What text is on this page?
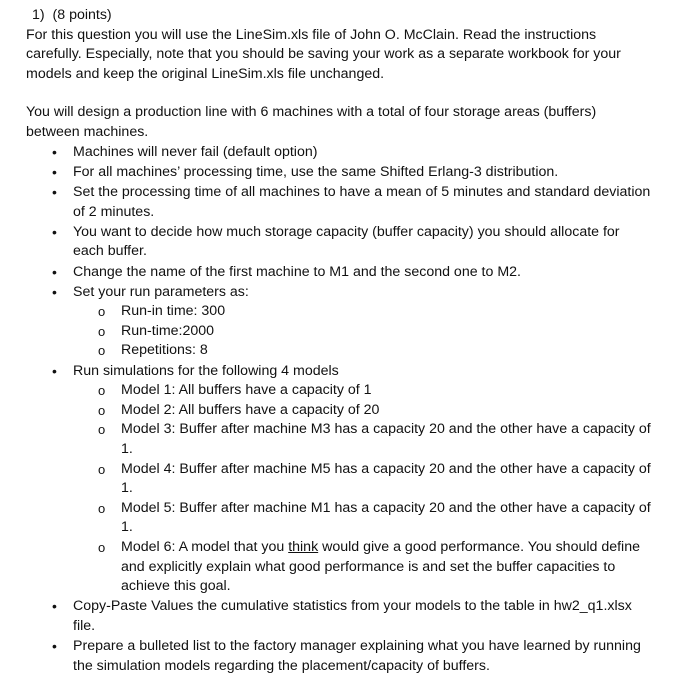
1) (8 points)

For this question you will use the LineSim.xls file of John O. McClain. Read the instructions carefully. Especially, note that you should be saving your work as a separate workbook for your models and keep the original LineSim.xls file unchanged.

You will design a production line with 6 machines with a total of four storage areas (buffers) between machines.

• Machines will never fail (default option)
• For all machines’ processing time, use the same Shifted Erlang-3 distribution.
• Set the processing time of all machines to have a mean of 5 minutes and standard deviation of 2 minutes.
• You want to decide how much storage capacity (buffer capacity) you should allocate for each buffer.
• Change the name of the first machine to M1 and the second one to M2.
• Set your run parameters as:
o Run-in time: 300
o Run-time:2000
o Repetitions: 8
• Run simulations for the following 4 models
o Model 1: All buffers have a capacity of 1
o Model 2: All buffers have a capacity of 20
o Model 3: Buffer after machine M3 has a capacity 20 and the other have a capacity of 1.
o Model 4: Buffer after machine M5 has a capacity 20 and the other have a capacity of 1.
o Model 5: Buffer after machine M1 has a capacity 20 and the other have a capacity of 1.
o Model 6: A model that you think would give a good performance. You should define and explicitly explain what good performance is and set the buffer capacities to achieve this goal.
• Copy-Paste Values the cumulative statistics from your models to the table in hw2_q1.xlsx file.
• Prepare a bulleted list to the factory manager explaining what you have learned by running the simulation models regarding the placement/capacity of buffers.
